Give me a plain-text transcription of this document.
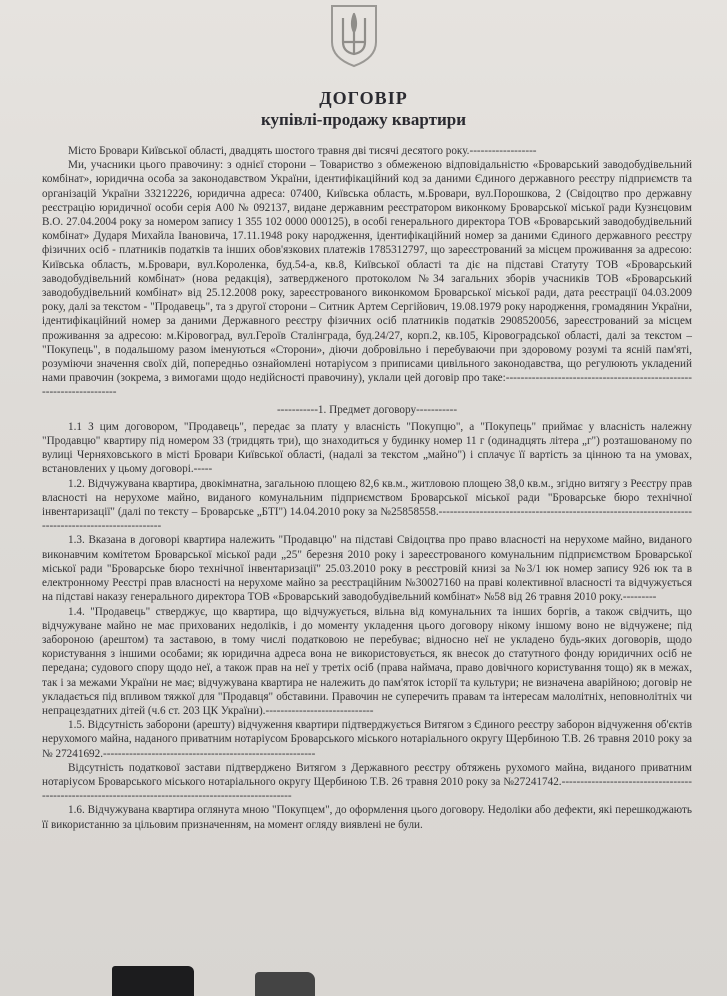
ДОГОВІР
купівлі-продажу квартири

Місто Бровари Київської області, двадцять шостого травня дві тисячі десятого року.------------------

Ми, учасники цього правочину: з однієї сторони – Товариство з обмеженою відповідальністю «Броварський заводобудівельний комбінат», юридична особа за законодавством України, ідентифікаційний код за даними Єдиного державного реєстру підприємств та організацій України 33212226, юридична адреса: 07400, Київська область, м.Бровари, вул.Порошкова, 2 (Свідоцтво про державну реєстрацію юридичної особи серія А00 № 092137, видане державним реєстратором виконкому Броварської міської ради Кузнєцовим В.О. 27.04.2004 року за номером запису 1 355 102 0000 000125), в особі генерального директора ТОВ «Броварський заводобудівельний комбінат» Дударя Михайла Івановича, 17.11.1948 року народження, ідентифікаційний номер за даними Єдиного державного реєстру фізичних осіб - платників податків та інших обов'язкових платежів 1785312797, що зареєстрований за місцем проживання за адресою: Київська область, м.Бровари, вул.Короленка, буд.54-а, кв.8, Київської області та діє на підставі Статуту ТОВ «Броварський заводобудівельний комбінат» (нова редакція), затвердженого протоколом №34 загальних зборів учасників ТОВ «Броварський заводобудівельний комбінат» від 25.12.2008 року, зареєстрованого виконкомом Броварської міської ради, дата реєстрації 04.03.2009 року, далі за текстом - "Продавець", та з другої сторони – Ситник Артем Сергійович, 19.08.1979 року народження, громадянин України, ідентифікаційний номер за даними Державного реєстру фізичних осіб платників податків 2908520056, зареєстрований за місцем проживання за адресою: м.Кіровоград, вул.Героїв Сталінграда, буд.24/27, корп.2, кв.105, Кіровоградської області, далі за текстом – "Покупець", в подальшому разом іменуються «Сторони», діючи добровільно і перебуваючи при здоровому розумі та ясній пам'яті, розуміючи значення своїх дій, попередньо ознайомлені нотаріусом з приписами цивільного законодавства, що регулюють укладений нами правочин (зокрема, з вимогами щодо недійсності правочину), уклали цей договір про таке:----------------------------------------------------------------------

-----------1. Предмет договору-----------

1.1 З цим договором, "Продавець", передає за плату у власність "Покупцю", а "Покупець" приймає у власність належну "Продавцю" квартиру під номером 33 (тридцять три), що знаходиться у будинку номер 11 г (одинадцять літера „г") розташованому по вулиці Черняховського в місті Бровари Київської області, (надалі за текстом „майно") і сплачує її вартість за цінною та на умовах, встановлених у цьому договорі.-----

1.2. Відчужувана квартира, двокімнатна, загальною площею 82,6 кв.м., житловою площею 38,0 кв.м., згідно витягу з Реєстру прав власності на нерухоме майно, виданого комунальним підприємством Броварської міської ради "Броварське бюро технічної інвентаризації" (далі по тексту – Броварське „БТІ") 14.04.2010 року за №25858558.----------------------------------------------------------------------------------------------------

1.3. Вказана в договорі квартира належить "Продавцю" на підставі Свідоцтва про право власності на нерухоме майно, виданого виконавчим комітетом Броварської міської ради „25" березня 2010 року і зареєстрованого комунальним підприємством Броварської міської ради "Броварське бюро технічної інвентаризації" 25.03.2010 року в реєстровій книзі за №3/1 юк номер запису 926 юк та в електронному Реєстрі прав власності на нерухоме майно за реєстраційним №30027160 на праві колективної власності та відчужується на підставі наказу генерального директора ТОВ «Броварський заводобудівельний комбінат» №58 від 26 травня 2010 року.---------

1.4. "Продавець" стверджує, що квартира, що відчужується, вільна від комунальних та інших боргів, а також свідчить, що відчужуване майно не має прихованих недоліків, і до моменту укладення цього договору нікому іншому воно не відчужене; під забороною (арештом) та заставою, в тому числі податковою не перебуває; відносно неї не укладено будь-яких договорів, щодо користування з іншими особами; як юридична адреса вона не використовується, як внесок до статутного фонду юридичних осіб не передана; судового спору щодо неї, а також прав на неї у третіх осіб (права наймача, право довічного користування тощо) як в межах, так і за межами України не має; відчужувана квартира не належить до пам'яток історії та культури; не визначена аварійною; договір не укладається під впливом тяжкої для "Продавця" обставини. Правочин не суперечить правам та інтересам малолітніх, неповнолітніх чи непрацездатних дітей (ч.6 ст. 203 ЦК України).-----------------------------

1.5. Відсутність заборони (арешту) відчуження квартири підтверджується Витягом з Єдиного реєстру заборон відчуження об'єктів нерухомого майна, наданого приватним нотаріусом Броварського міського нотаріального округу Щербиною Т.В. 26 травня 2010 року за № 27241692.---------------------------------------------------------

Відсутність податкової застави підтверджено Витягом з Державного реєстру обтяжень рухомого майна, виданого приватним нотаріусом Броварського міського нотаріального округу Щербиною Т.В. 26 травня 2010 року за №27241742.------------------------------------------------------------------------------------------------------

1.6. Відчужувана квартира оглянута мною "Покупцем", до оформлення цього договору. Недоліки або дефекти, які перешкоджають її використанню за цільовим призначенням, на момент огляду виявлені не були.
